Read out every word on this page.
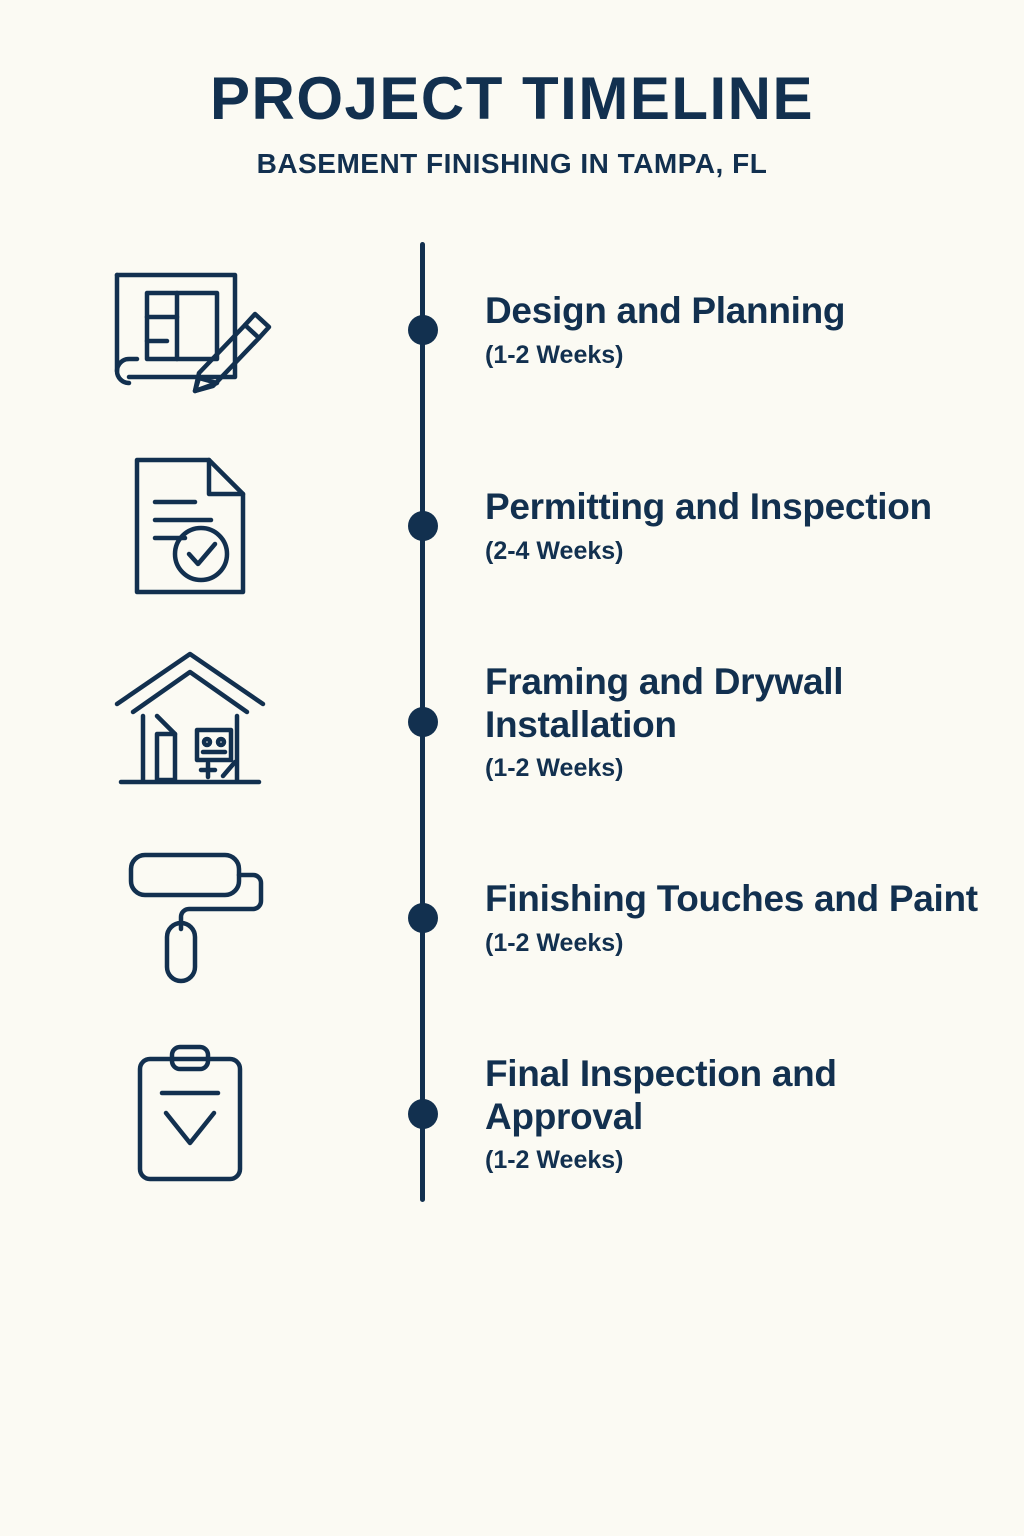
PROJECT TIMELINE
BASEMENT FINISHING IN TAMPA, FL
Design and Planning
(1-2 Weeks)
Permitting and Inspection
(2-4 Weeks)
Framing and Drywall Installation
(1-2 Weeks)
Finishing Touches and Paint
(1-2 Weeks)
Final Inspection and Approval
(1-2 Weeks)
